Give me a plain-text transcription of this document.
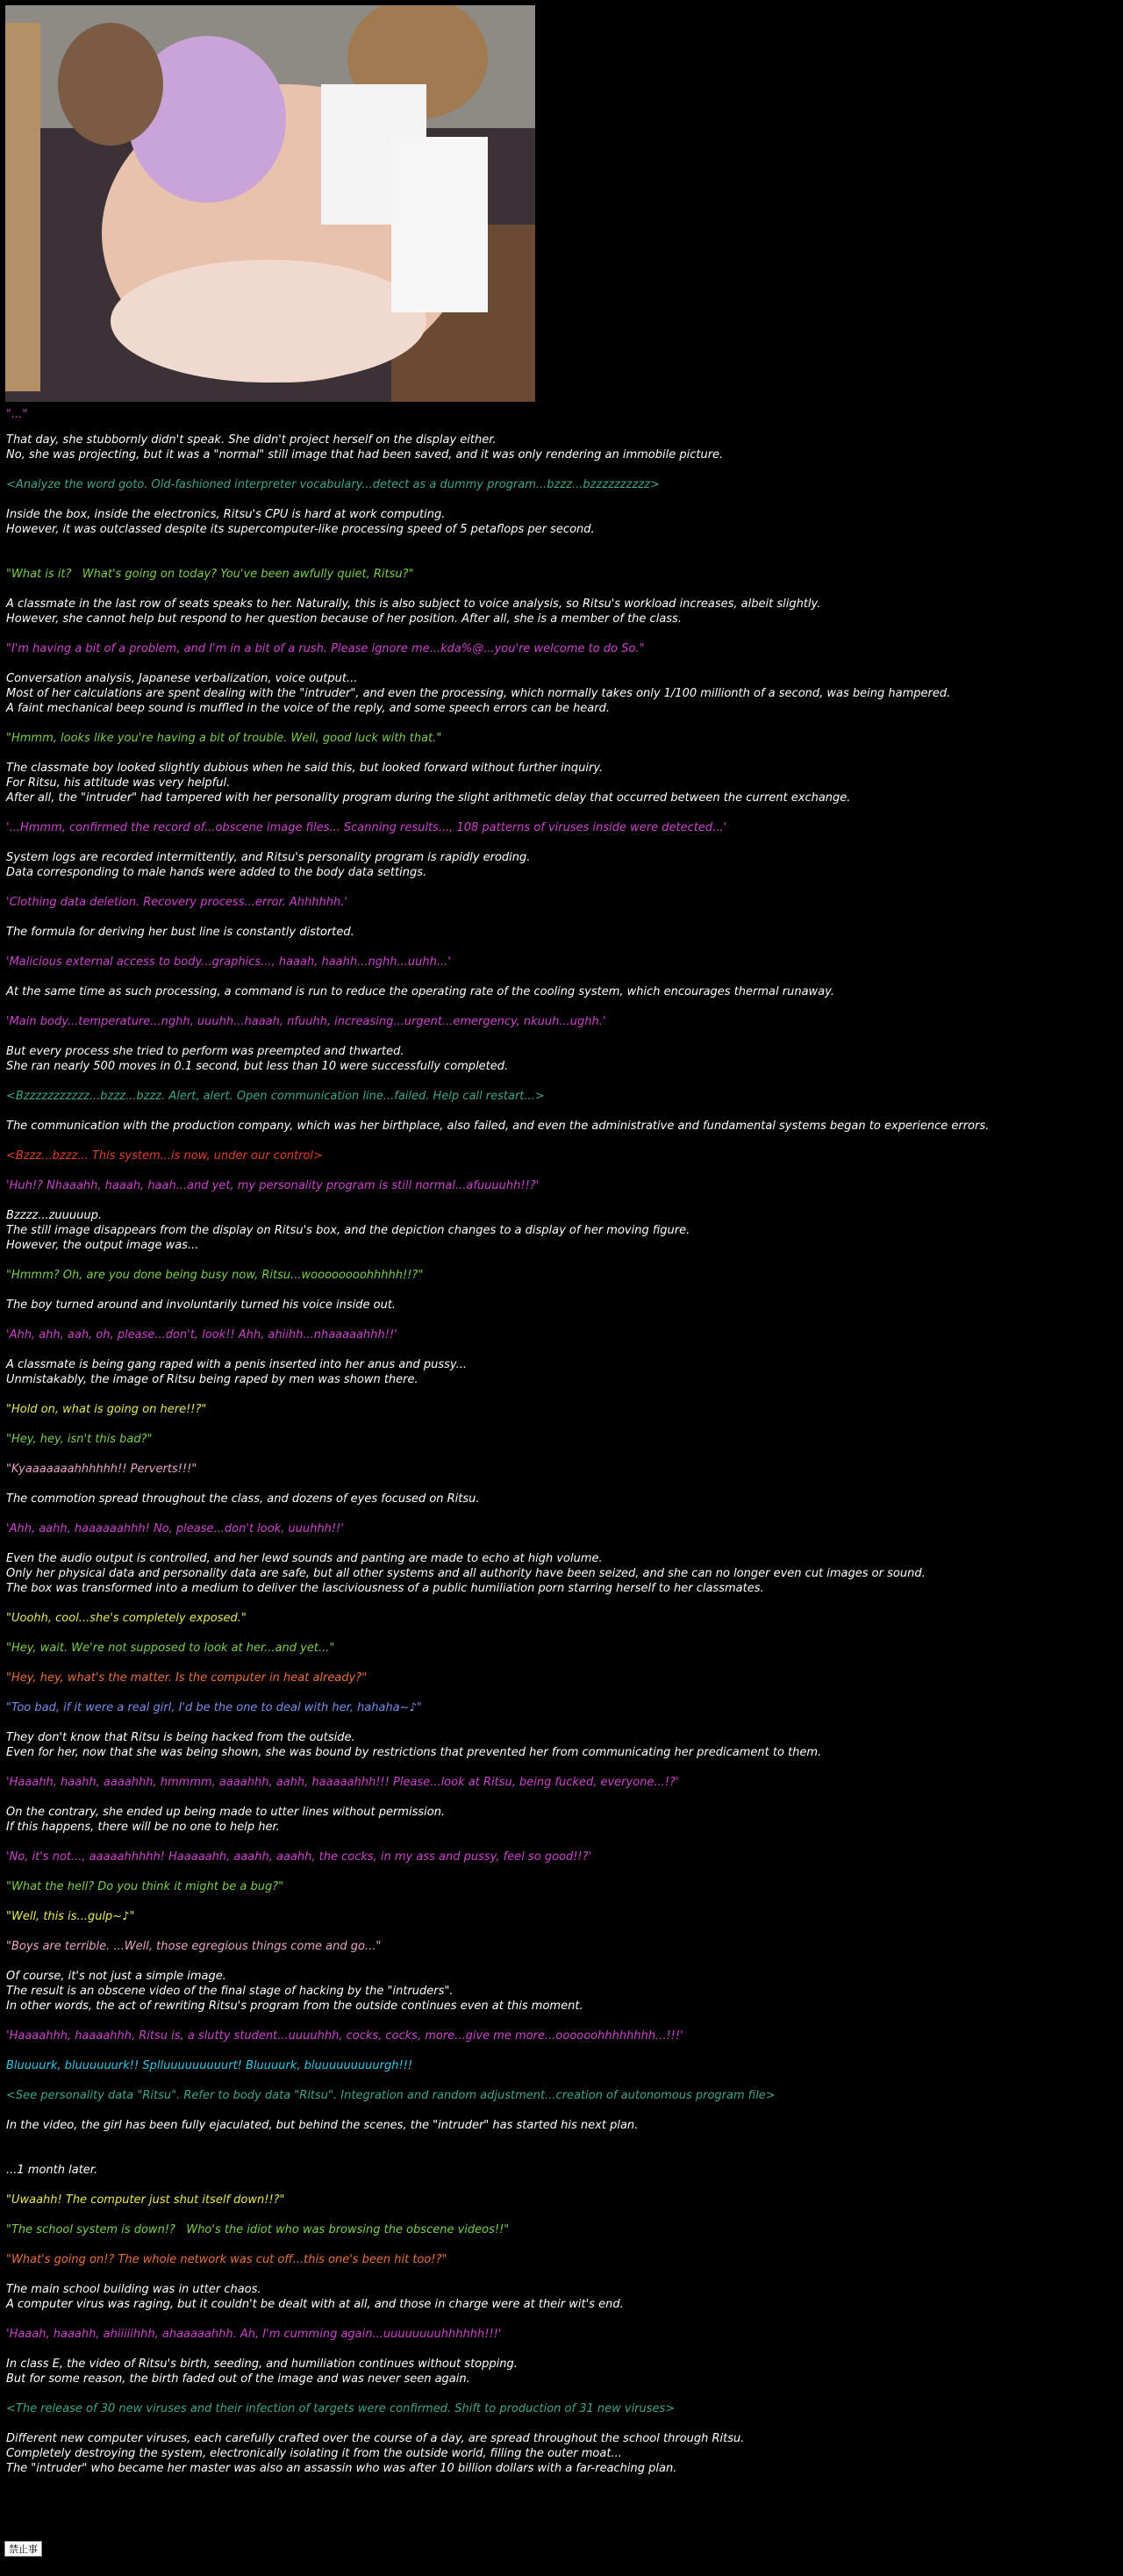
"..."

That day, she stubbornly didn't speak. She didn't project herself on the display either.
No, she was projecting, but it was a "normal" still image that had been saved, and it was only rendering an immobile picture.

<Analyze the word goto. Old-fashioned interpreter vocabulary...detect as a dummy program...bzzz...bzzzzzzzzzz>

Inside the box, inside the electronics, Ritsu's CPU is hard at work computing.
However, it was outclassed despite its supercomputer-like processing speed of 5 petaflops per second.

"What is it?   What's going on today? You've been awfully quiet, Ritsu?"

A classmate in the last row of seats speaks to her. Naturally, this is also subject to voice analysis, so Ritsu's workload increases, albeit slightly.
However, she cannot help but respond to her question because of her position. After all, she is a member of the class.

"I'm having a bit of a problem, and I'm in a bit of a rush. Please ignore me...kda%@...you're welcome to do So."

Conversation analysis, Japanese verbalization, voice output...
Most of her calculations are spent dealing with the "intruder", and even the processing, which normally takes only 1/100 millionth of a second, was being hampered.
A faint mechanical beep sound is muffled in the voice of the reply, and some speech errors can be heard.

"Hmmm, looks like you're having a bit of trouble. Well, good luck with that."

The classmate boy looked slightly dubious when he said this, but looked forward without further inquiry.
For Ritsu, his attitude was very helpful.
After all, the "intruder" had tampered with her personality program during the slight arithmetic delay that occurred between the current exchange.

'...Hmmm, confirmed the record of...obscene image files... Scanning results..., 108 patterns of viruses inside were detected...'

System logs are recorded intermittently, and Ritsu's personality program is rapidly eroding.
Data corresponding to male hands were added to the body data settings.

'Clothing data deletion. Recovery process...error. Ahhhhhh.'

The formula for deriving her bust line is constantly distorted.

'Malicious external access to body...graphics..., haaah, haahh...nghh...uuhh...'

At the same time as such processing, a command is run to reduce the operating rate of the cooling system, which encourages thermal runaway.

'Main body...temperature...nghh, uuuhh...haaah, nfuuhh, increasing...urgent...emergency, nkuuh...ughh.'

But every process she tried to perform was preempted and thwarted.
She ran nearly 500 moves in 0.1 second, but less than 10 were successfully completed.

<Bzzzzzzzzzzz...bzzz...bzzz. Alert, alert. Open communication line...failed. Help call restart...>

The communication with the production company, which was her birthplace, also failed, and even the administrative and fundamental systems began to experience errors.

<Bzzz...bzzz... This system...is now, under our control>

'Huh!? Nhaaahh, haaah, haah...and yet, my personality program is still normal...afuuuuhh!!?'

Bzzzz...zuuuuup.
The still image disappears from the display on Ritsu's box, and the depiction changes to a display of her moving figure.
However, the output image was...

"Hmmm? Oh, are you done being busy now, Ritsu...woooooooohhhhh!!?"

The boy turned around and involuntarily turned his voice inside out.

'Ahh, ahh, aah, oh, please...don't, look!! Ahh, ahiihh...nhaaaaahhh!!'

A classmate is being gang raped with a penis inserted into her anus and pussy...
Unmistakably, the image of Ritsu being raped by men was shown there.

"Hold on, what is going on here!!?"

"Hey, hey, isn't this bad?"

"Kyaaaaaaahhhhhh!! Perverts!!!"

The commotion spread throughout the class, and dozens of eyes focused on Ritsu.

'Ahh, aahh, haaaaaahhh! No, please...don't look, uuuhhh!!'

Even the audio output is controlled, and her lewd sounds and panting are made to echo at high volume.
Only her physical data and personality data are safe, but all other systems and all authority have been seized, and she can no longer even cut images or sound.
The box was transformed into a medium to deliver the lasciviousness of a public humiliation porn starring herself to her classmates.

"Uoohh, cool...she's completely exposed."

"Hey, wait. We're not supposed to look at her...and yet..."

"Hey, hey, what's the matter. Is the computer in heat already?"

"Too bad, if it were a real girl, I'd be the one to deal with her, hahaha~♪"

They don't know that Ritsu is being hacked from the outside.
Even for her, now that she was being shown, she was bound by restrictions that prevented her from communicating her predicament to them.

'Haaahh, haahh, aaaahhh, hmmmm, aaaahhh, aahh, haaaaahhh!!! Please...look at Ritsu, being fucked, everyone...!?'

On the contrary, she ended up being made to utter lines without permission.
If this happens, there will be no one to help her.

'No, it's not..., aaaaahhhhh! Haaaaahh, aaahh, aaahh, the cocks, in my ass and pussy, feel so good!!?'

"What the hell? Do you think it might be a bug?"

"Well, this is...gulp~♪"

"Boys are terrible. ...Well, those egregious things come and go..."

Of course, it's not just a simple image.
The result is an obscene video of the final stage of hacking by the "intruders".
In other words, the act of rewriting Ritsu's program from the outside continues even at this moment.

'Haaaahhh, haaaahhh, Ritsu is, a slutty student...uuuuhhh, cocks, cocks, more...give me more...oooooohhhhhhhh...!!!'

Bluuuurk, bluuuuuurk!! Splluuuuuuuuurt! Bluuuurk, bluuuuuuuuurgh!!!

<See personality data "Ritsu". Refer to body data "Ritsu". Integration and random adjustment...creation of autonomous program file>

In the video, the girl has been fully ejaculated, but behind the scenes, the "intruder" has started his next plan.

...1 month later.

"Uwaahh! The computer just shut itself down!!?"

"The school system is down!?   Who's the idiot who was browsing the obscene videos!!"

"What's going on!? The whole network was cut off...this one's been hit too!?"

The main school building was in utter chaos.
A computer virus was raging, but it couldn't be dealt with at all, and those in charge were at their wit's end.

'Haaah, haaahh, ahiiiiihhh, ahaaaaahhh. Ah, I'm cumming again...uuuuuuuuhhhhhh!!!'

In class E, the video of Ritsu's birth, seeding, and humiliation continues without stopping.
But for some reason, the birth faded out of the image and was never seen again.

<The release of 30 new viruses and their infection of targets were confirmed. Shift to production of 31 new viruses>

Different new computer viruses, each carefully crafted over the course of a day, are spread throughout the school through Ritsu.
Completely destroying the system, electronically isolating it from the outside world, filling the outer moat...
The "intruder" who became her master was also an assassin who was after 10 billion dollars with a far-reaching plan.

禁止事
